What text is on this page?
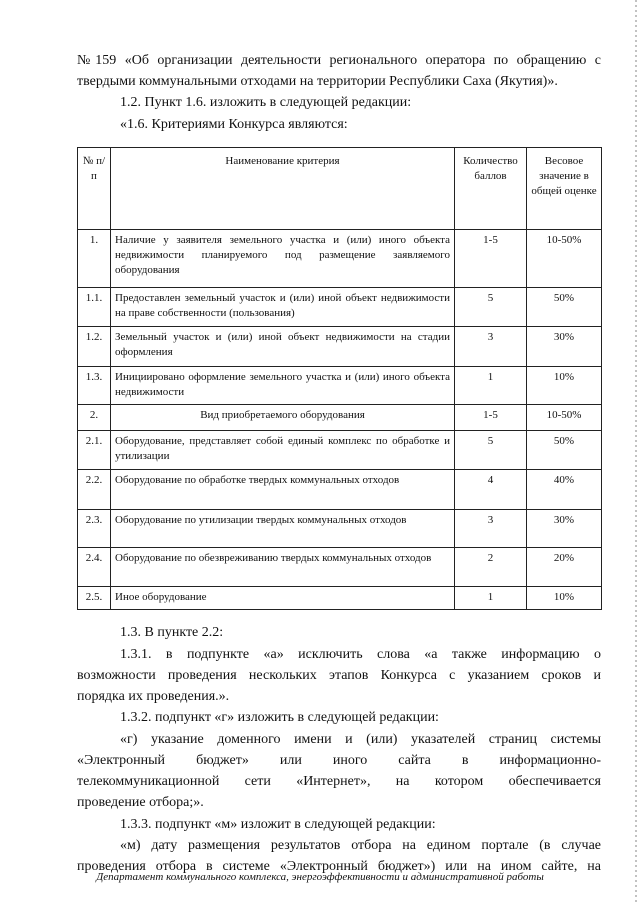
№159 «Об организации деятельности регионального оператора по обращению с
твердыми коммунальными отходами на территории Республики Саха (Якутия)».
1.2. Пункт 1.6. изложить в следующей редакции:
«1.6. Критериями Конкурса являются:
№ п/п	Наименование критерия	Количество баллов	Весовое значение в общей оценке
1.	Наличие у заявителя земельного участка и (или) иного объекта недвижимости планируемого под размещение заявляемого оборудования	1-5	10-50%
1.1.	Предоставлен земельный участок и (или) иной объект недвижимости на праве собственности (пользования)	5	50%
1.2.	Земельный участок и (или) иной объект недвижимости на стадии оформления	3	30%
1.3.	Инициировано оформление земельного участка и (или) иного объекта недвижимости	1	10%
2.	Вид приобретаемого оборудования	1-5	10-50%
2.1.	Оборудование, представляет собой единый комплекс по обработке и утилизации	5	50%
2.2.	Оборудование по обработке твердых коммунальных отходов	4	40%
2.3.	Оборудование по утилизации твердых коммунальных отходов	3	30%
2.4.	Оборудование по обезвреживанию твердых коммунальных отходов	2	20%
2.5.	Иное оборудование	1	10%
1.3. В пункте 2.2:
1.3.1. в подпункте «а» исключить слова «а также информацию о
возможности проведения нескольких этапов Конкурса с указанием сроков и
порядка их проведения.».
1.3.2. подпункт «г» изложить в следующей редакции:
«г) указание доменного имени и (или) указателей страниц системы
«Электронный бюджет» или иного сайта в информационно-
телекоммуникационной сети «Интернет», на котором обеспечивается
проведение отбора;».
1.3.3. подпункт «м» изложит в следующей редакции:
«м) дату размещения результатов отбора на едином портале (в случае
проведения отбора в системе «Электронный бюджет») или на ином сайте, на
Департамент коммунального комплекса, энергоэффективности и административной работы
